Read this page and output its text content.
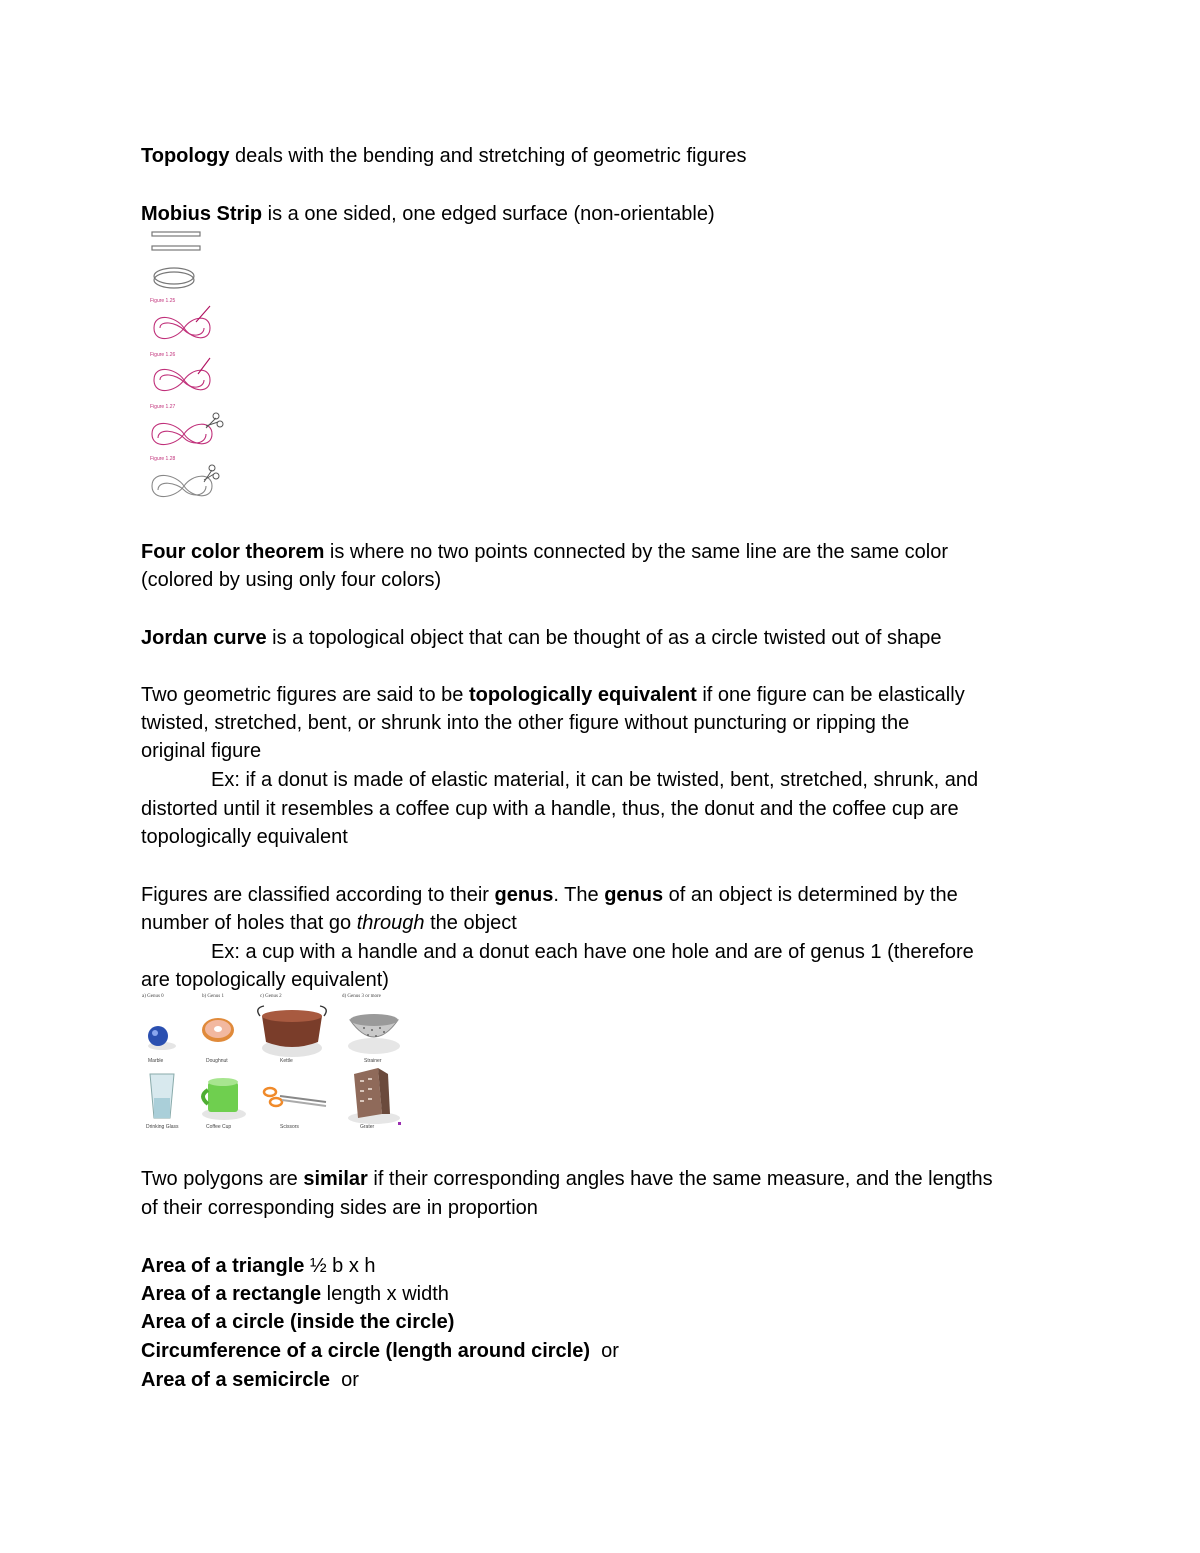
Topology deals with the bending and stretching of geometric figures
Mobius Strip is a one sided, one edged surface (non-orientable)
Figure 1.25
Figure 1.26
Figure 1.27
Figure 1.28
Four color theorem is where no two points connected by the same line are the same color
(colored by using only four colors)
Jordan curve is a topological object that can be thought of as a circle twisted out of shape
Two geometric figures are said to be topologically equivalent if one figure can be elastically
twisted, stretched, bent, or shrunk into the other figure without puncturing or ripping the
original figure
Ex: if a donut is made of elastic material, it can be twisted, bent, stretched, shrunk, and
distorted until it resembles a coffee cup with a handle, thus, the donut and the coffee cup are
topologically equivalent
Figures are classified according to their genus. The genus of an object is determined by the
number of holes that go through the object
Ex: a cup with a handle and a donut each have one hole and are of genus 1 (therefore
are topologically equivalent)
a) Genus 0	b) Genus 1	c) Genus 2	d) Genus 3 or more
Marble	Doughnut	Kettle	Strainer
Drinking Glass	Coffee Cup	Scissors	Grater
Two polygons are similar if their corresponding angles have the same measure, and the lengths
of their corresponding sides are in proportion
Area of a triangle ½ b x h
Area of a rectangle length x width
Area of a circle (inside the circle)
Circumference of a circle (length around circle)  or
Area of a semicircle  or
